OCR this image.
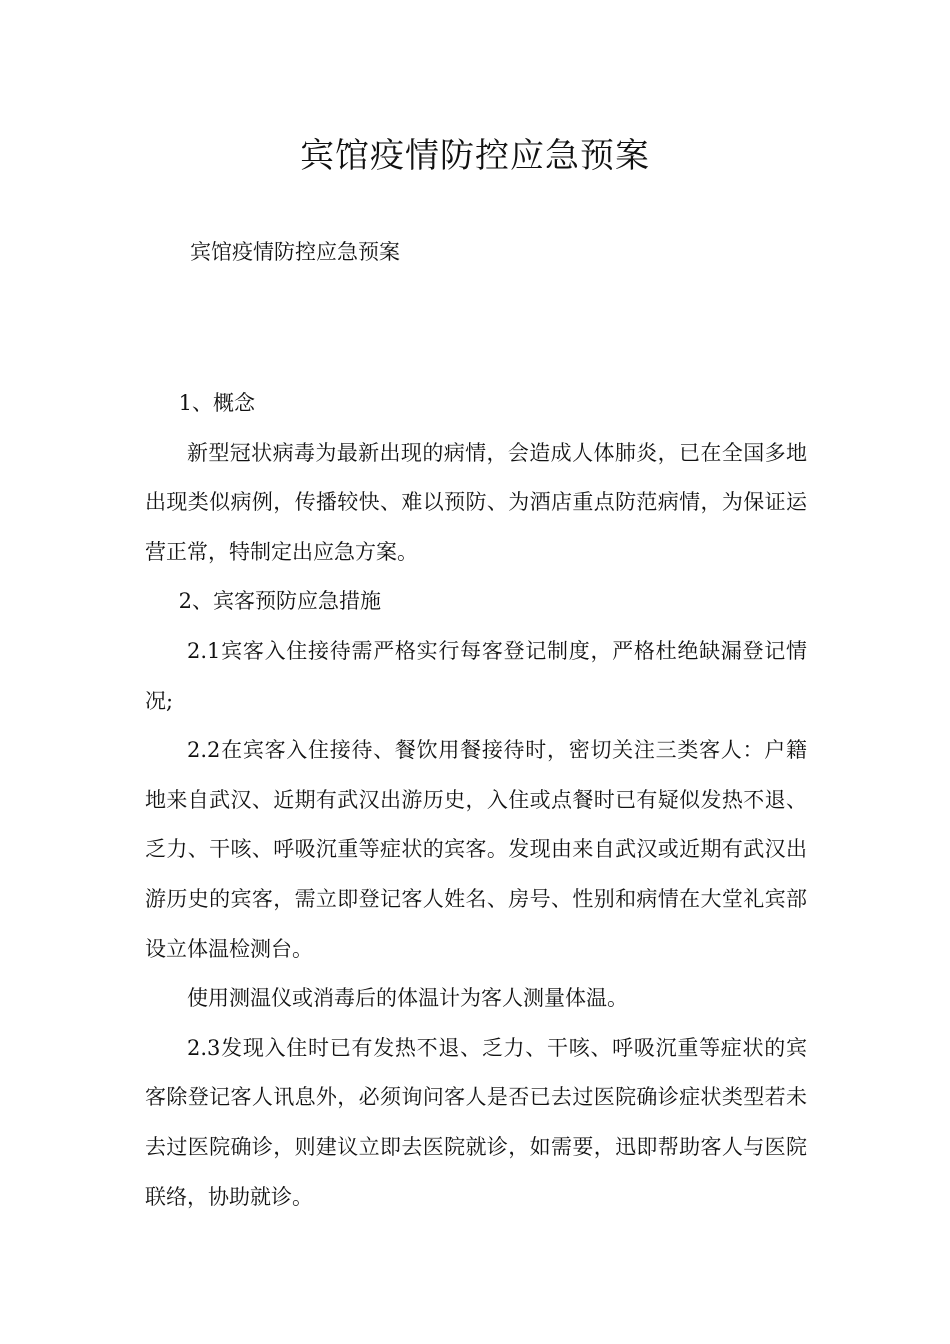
宾馆疫情防控应急预案

宾馆疫情防控应急预案

1、概念

新型冠状病毒为最新出现的病情，会造成人体肺炎，已在全国多地出现类似病例，传播较快、难以预防、为酒店重点防范病情，为保证运营正常，特制定出应急方案。

2、宾客预防应急措施

2.1宾客入住接待需严格实行每客登记制度，严格杜绝缺漏登记情况;

2.2在宾客入住接待、餐饮用餐接待时，密切关注三类客人：户籍地来自武汉、近期有武汉出游历史，入住或点餐时已有疑似发热不退、乏力、干咳、呼吸沉重等症状的宾客。发现由来自武汉或近期有武汉出游历史的宾客，需立即登记客人姓名、房号、性别和病情在大堂礼宾部设立体温检测台。

使用测温仪或消毒后的体温计为客人测量体温。

2.3发现入住时已有发热不退、乏力、干咳、呼吸沉重等症状的宾客除登记客人讯息外，必须询问客人是否已去过医院确诊症状类型若未去过医院确诊，则建议立即去医院就诊，如需要，迅即帮助客人与医院联络，协助就诊。
